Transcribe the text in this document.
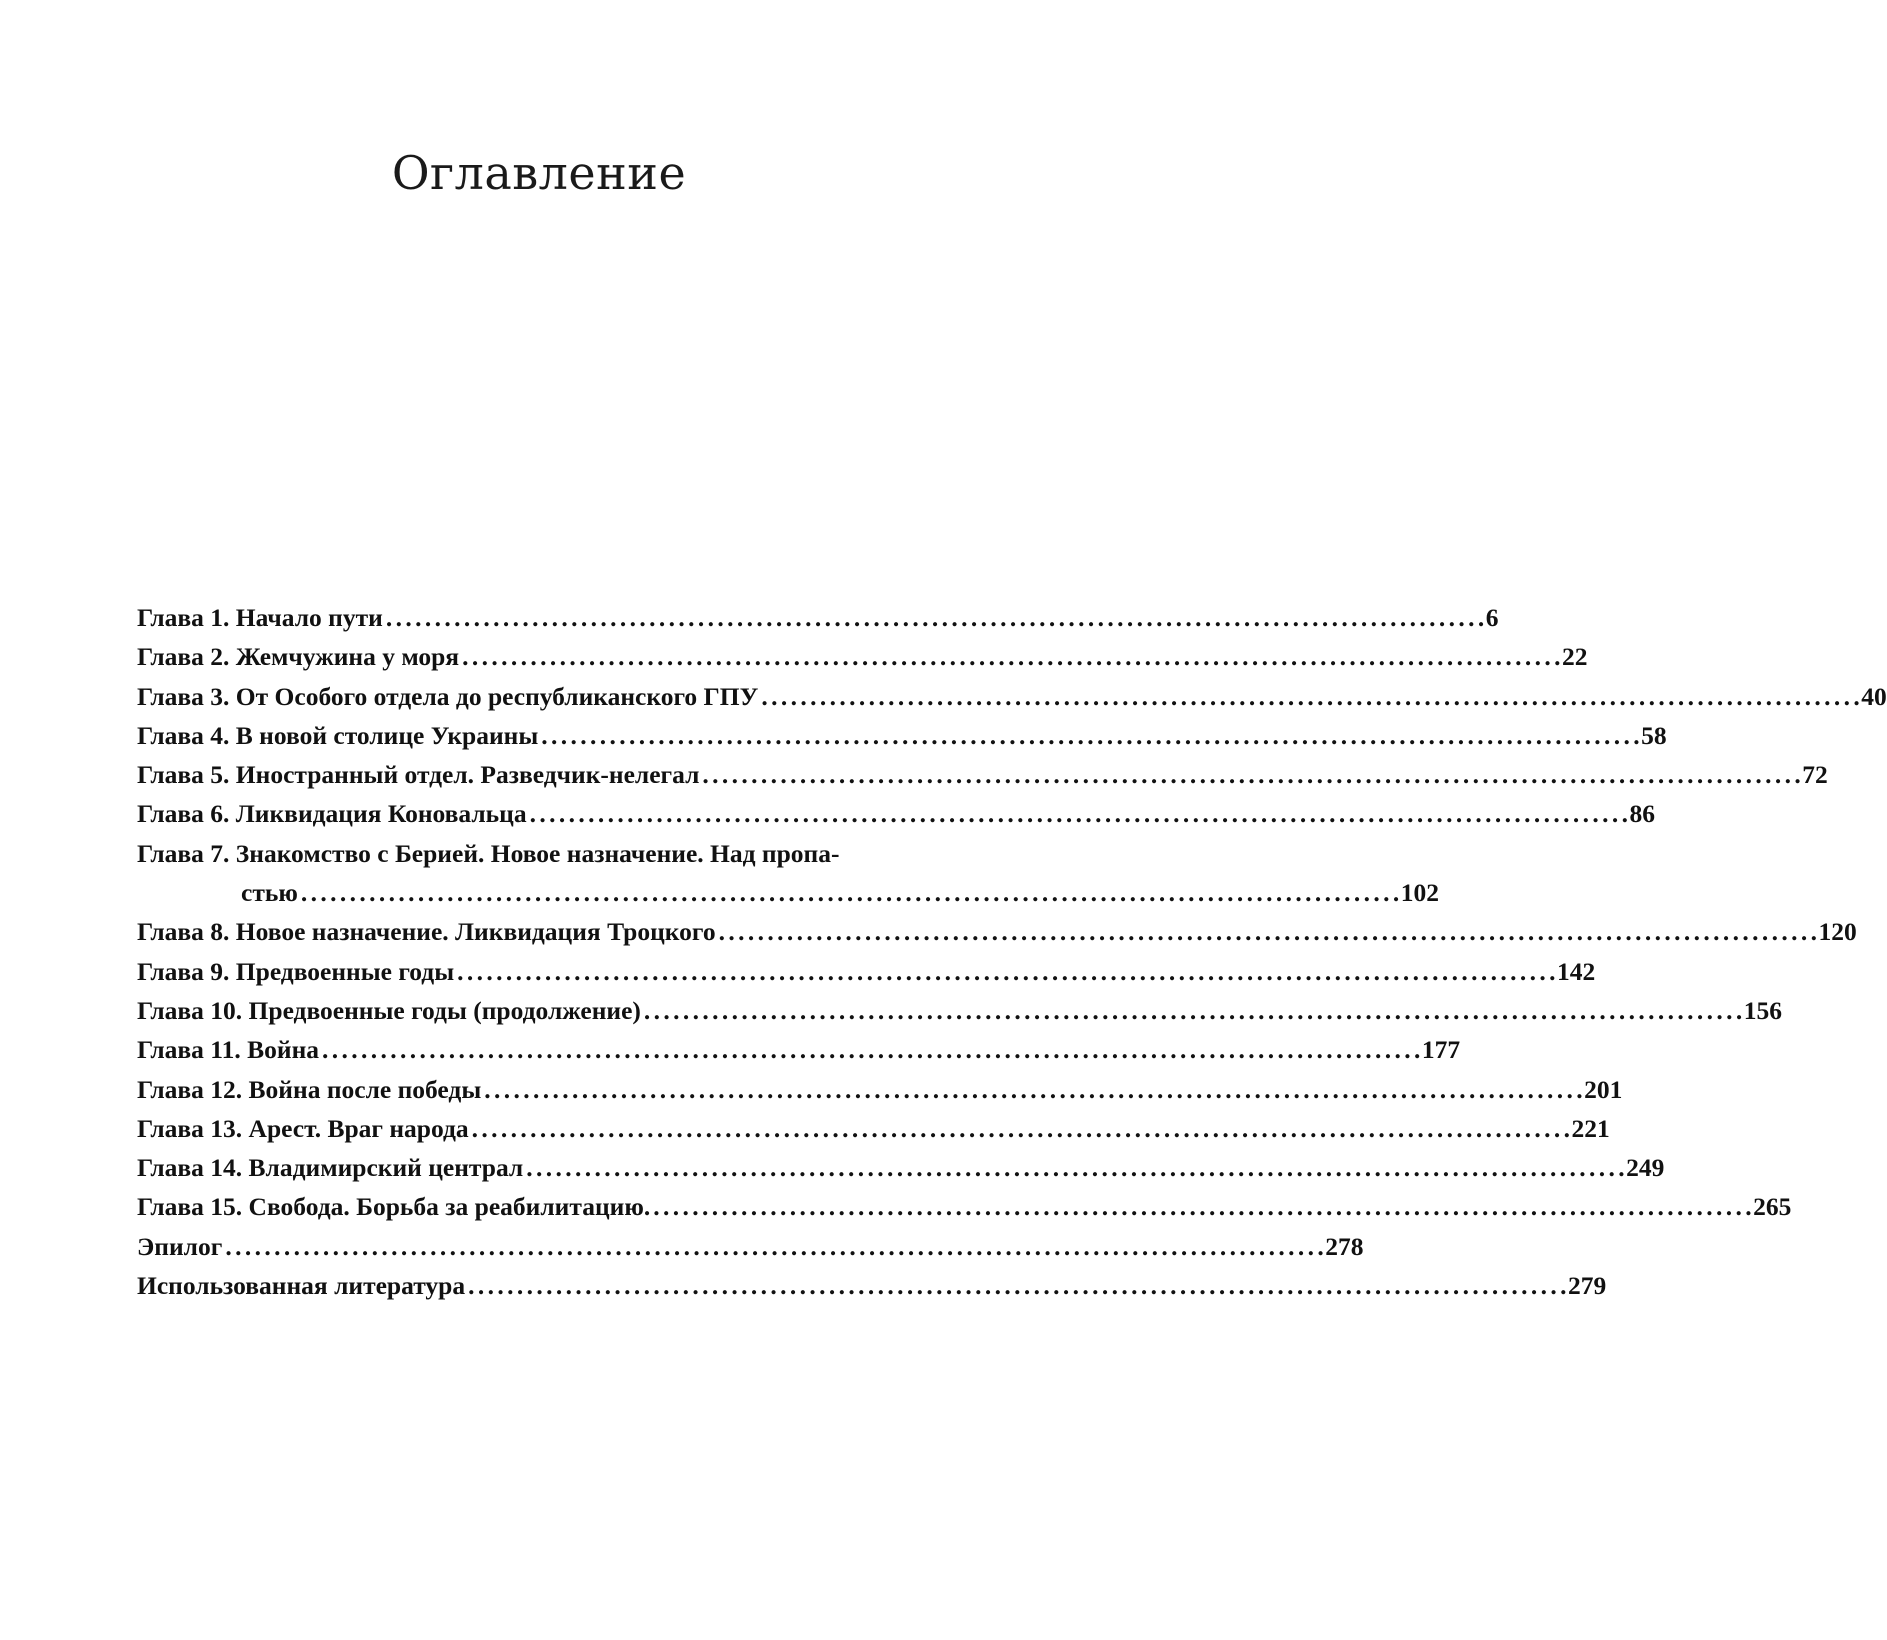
Оглавление
Глава 1. Начало пути . . .	6
Глава 2. Жемчужина у моря . . .	22
Глава 3. От Особого отдела до республиканского ГПУ . . .	40
Глава 4. В новой столице Украины . . .	58
Глава 5. Иностранный отдел. Разведчик-нелегал . . .	72
Глава 6. Ликвидация Коновальца . . .	86
Глава 7. Знакомство с Берией. Новое назначение. Над пропа-
стью . . .	102
Глава 8. Новое назначение. Ликвидация Троцкого . . .	120
Глава 9. Предвоенные годы . . .	142
Глава 10. Предвоенные годы (продолжение) . . .	156
Глава 11. Война . . .	177
Глава 12. Война после победы . . .	201
Глава 13. Арест. Враг народа . . .	221
Глава 14. Владимирский централ . . .	249
Глава 15. Свобода. Борьба за реабилитацию. . . .	265
Эпилог . . .	278
Использованная литература . . .	279
